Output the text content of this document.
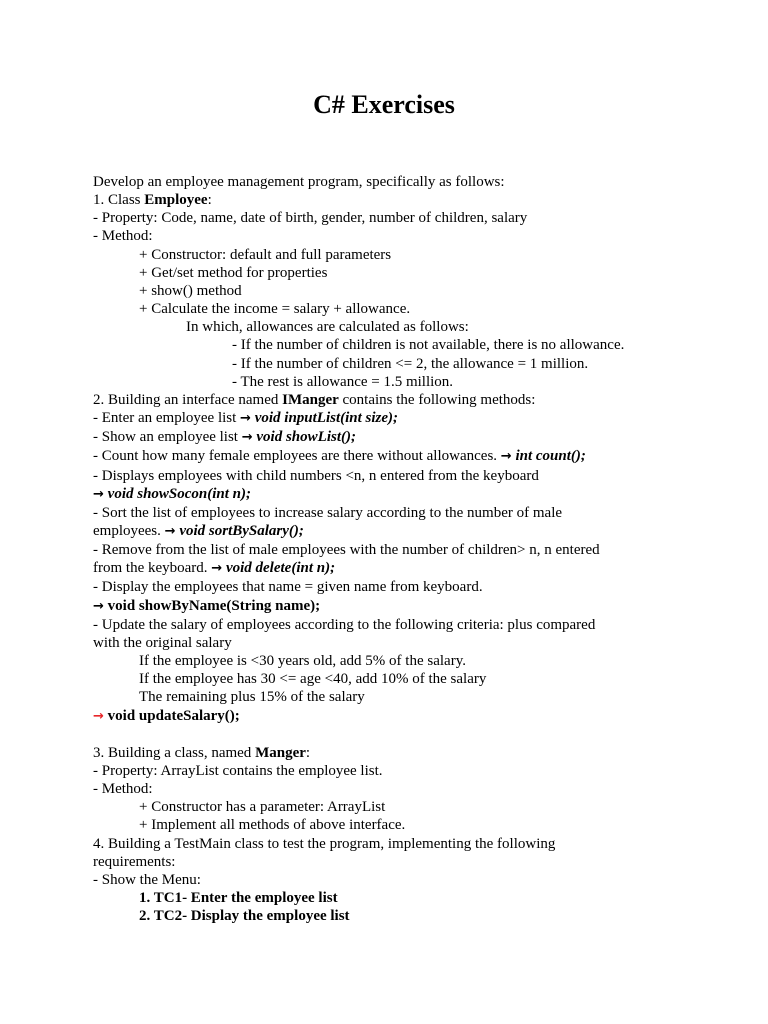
C# Exercises
Develop an employee management program, specifically as follows:
1. Class Employee:
- Property: Code, name, date of birth, gender, number of children, salary
- Method:
+ Constructor: default and full parameters
+ Get/set method for properties
+ show() method
+ Calculate the income = salary + allowance.
In which, allowances are calculated as follows:
- If the number of children is not available, there is no allowance.
- If the number of children <= 2, the allowance = 1 million.
- The rest is allowance = 1.5 million.
2. Building an interface named IManger contains the following methods:
- Enter an employee list → void inputList(int size);
- Show an employee list → void showList();
- Count how many female employees are there without allowances. → int count();
- Displays employees with child numbers <n, n entered from the keyboard
→ void showSocon(int n);
- Sort the list of employees to increase salary according to the number of male
employees. → void sortBySalary();
- Remove from the list of male employees with the number of children> n, n entered
from the keyboard. → void delete(int n);
- Display the employees that name = given name from keyboard.
→ void showByName(String name);
- Update the salary of employees according to the following criteria: plus compared
with the original salary
If the employee is <30 years old, add 5% of the salary.
If the employee has 30 <= age <40, add 10% of the salary
The remaining plus 15% of the salary
→ void updateSalary();
3. Building a class, named Manger:
- Property: ArrayList contains the employee list.
- Method:
+ Constructor has a parameter: ArrayList
+ Implement all methods of above interface.
4. Building a TestMain class to test the program, implementing the following
requirements:
- Show the Menu:
1. TC1- Enter the employee list
2. TC2- Display the employee list
